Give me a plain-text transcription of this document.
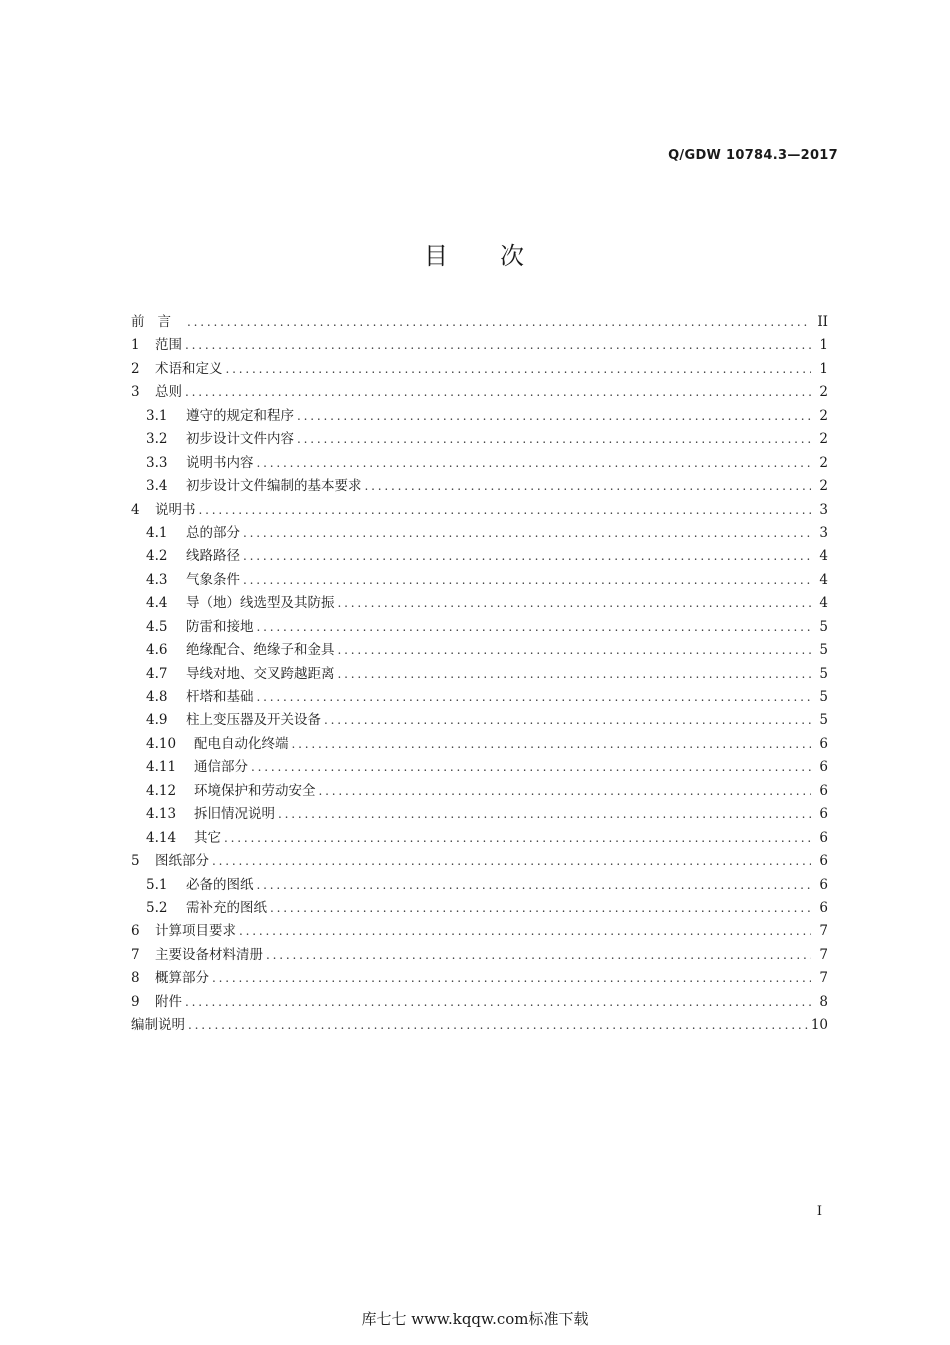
Q/GDW 10784.3—2017
目 次
前言 . . .	II
1	范围 . . .	1
2	术语和定义 . . .	1
3	总则 . . .	2
3.1	遵守的规定和程序 . . .	2
3.2	初步设计文件内容 . . .	2
3.3	说明书内容 . . .	2
3.4	初步设计文件编制的基本要求 . . .	2
4	说明书 . . .	3
4.1	总的部分 . . .	3
4.2	线路路径 . . .	4
4.3	气象条件 . . .	4
4.4	导（地）线选型及其防振 . . .	4
4.5	防雷和接地 . . .	5
4.6	绝缘配合、绝缘子和金具 . . .	5
4.7	导线对地、交叉跨越距离 . . .	5
4.8	杆塔和基础 . . .	5
4.9	柱上变压器及开关设备 . . .	5
4.10	配电自动化终端 . . .	6
4.11	通信部分 . . .	6
4.12	环境保护和劳动安全 . . .	6
4.13	拆旧情况说明 . . .	6
4.14	其它 . . .	6
5	图纸部分 . . .	6
5.1	必备的图纸 . . .	6
5.2	需补充的图纸 . . .	6
6	计算项目要求 . . .	7
7	主要设备材料清册 . . .	7
8	概算部分 . . .	7
9	附件 . . .	8
编制说明 . . .	10
I
库七七 www.kqqw.com标准下载
